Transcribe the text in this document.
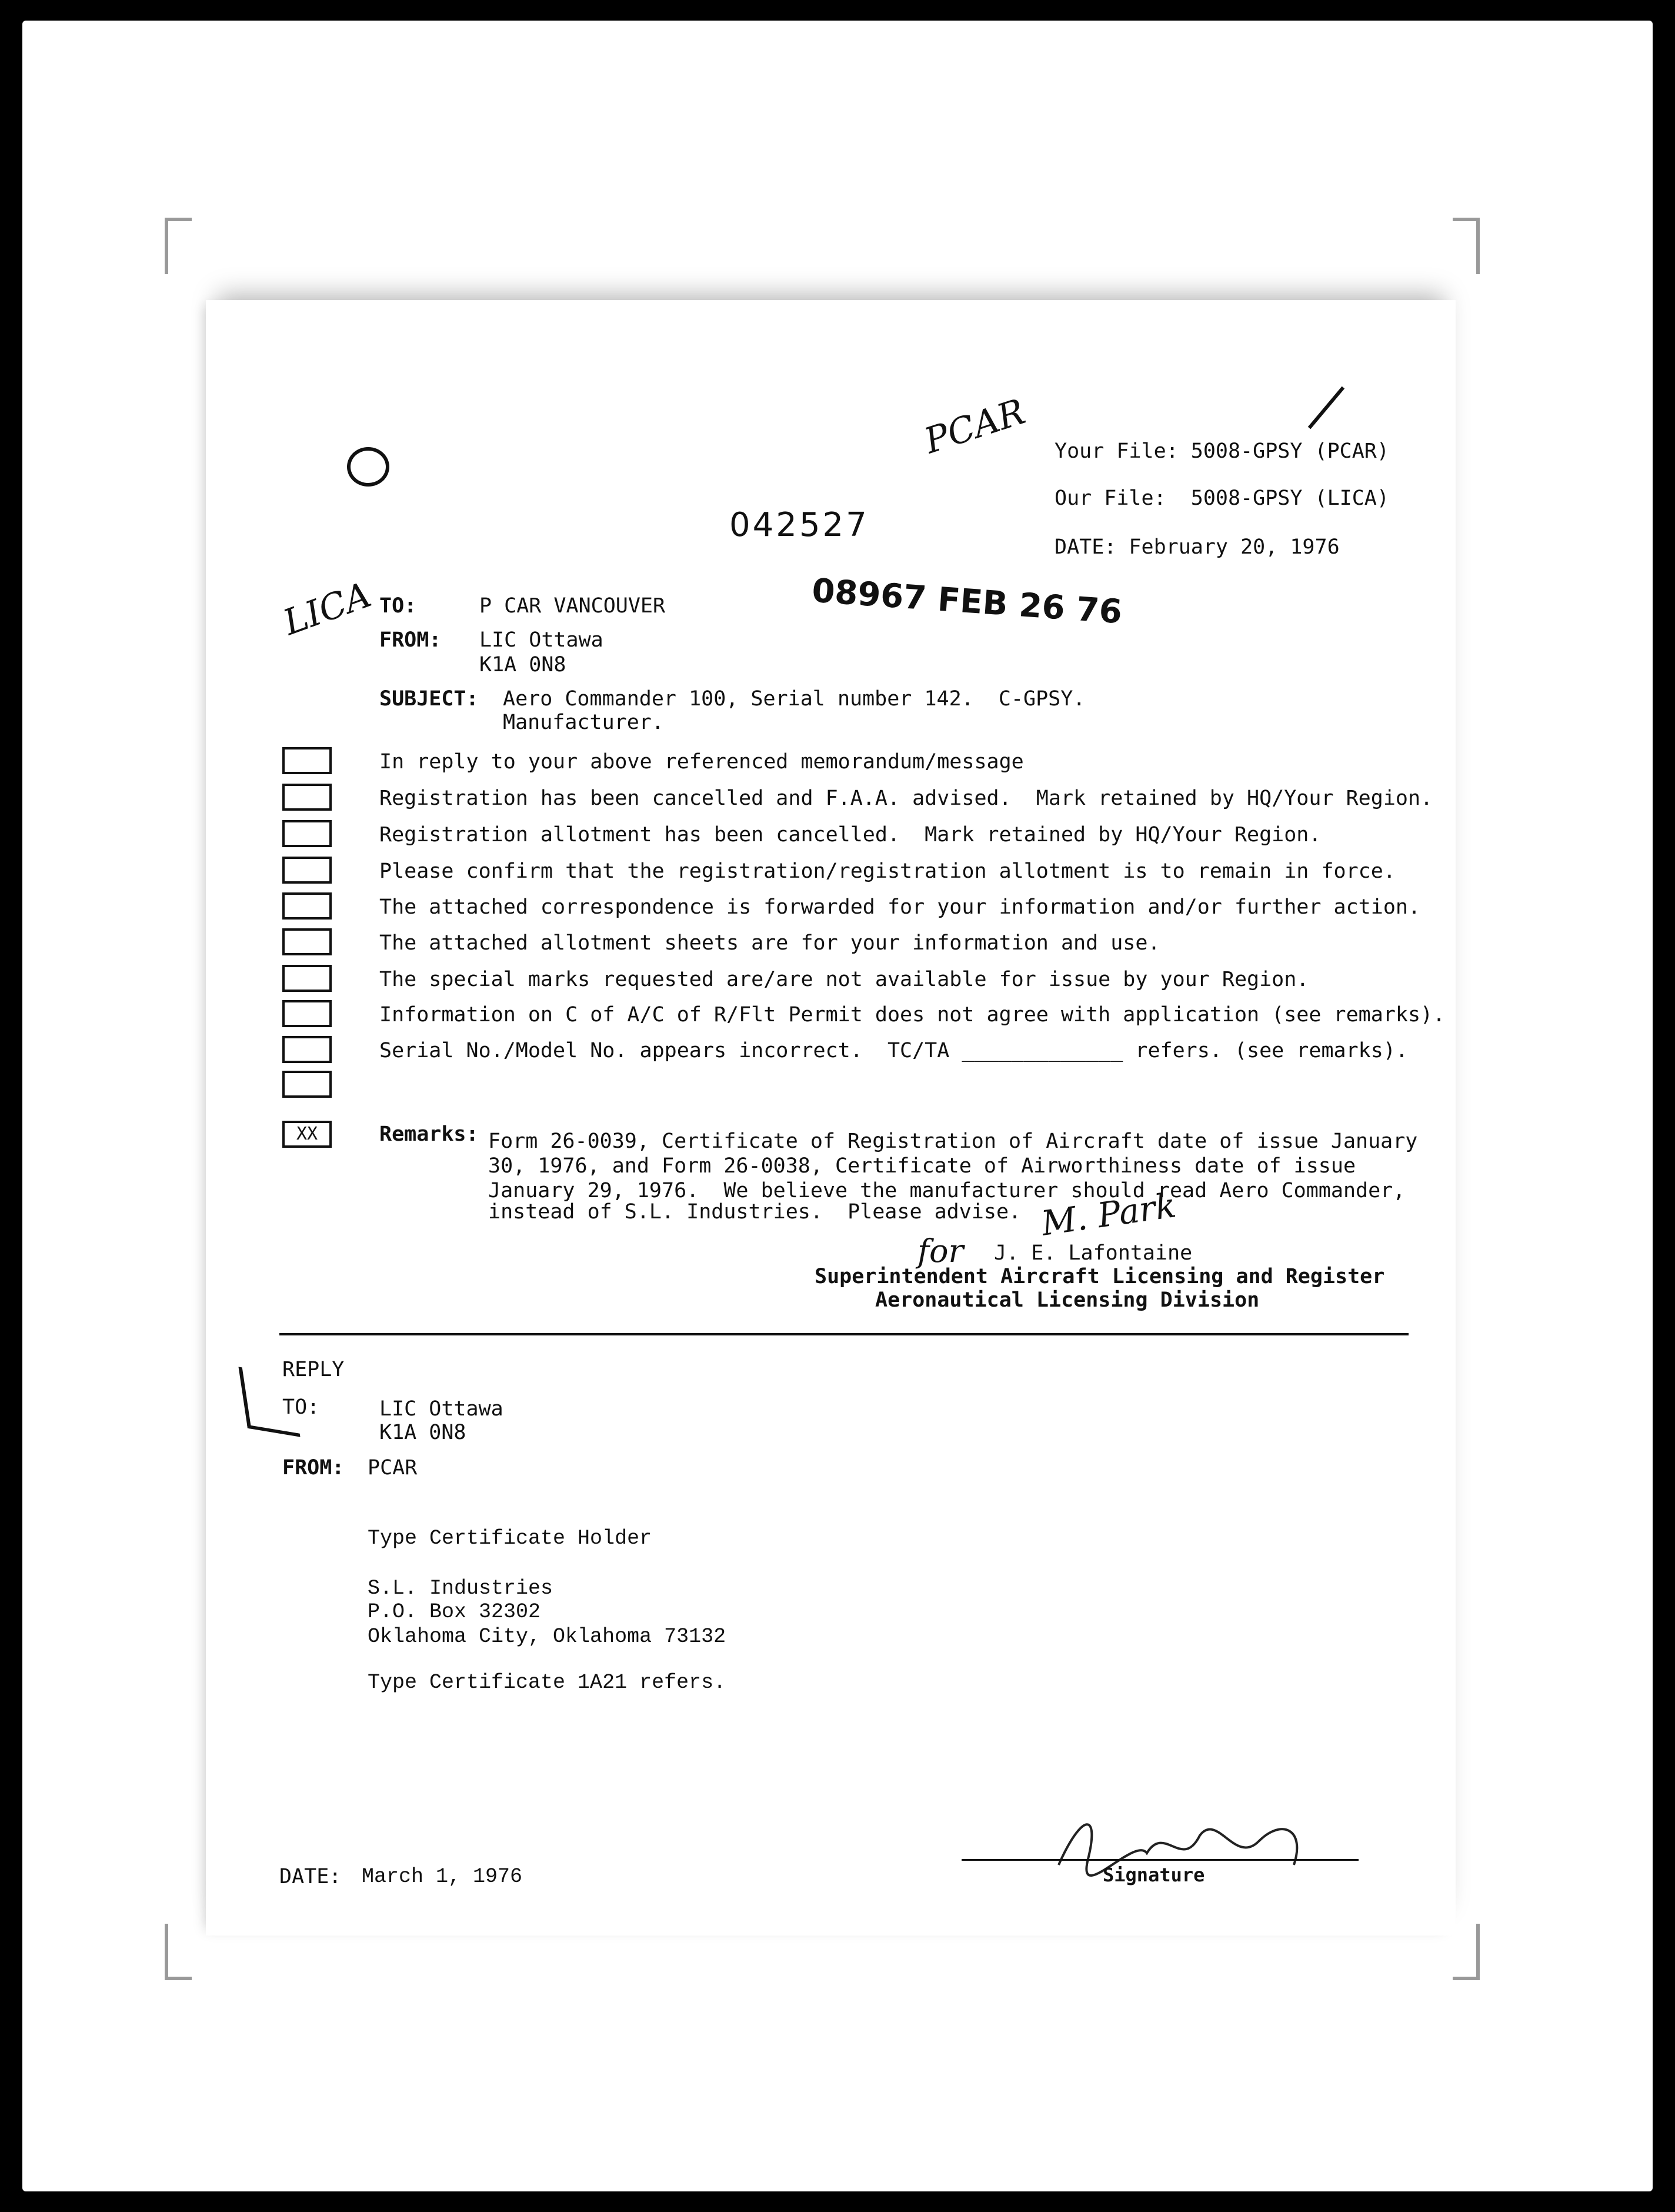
PCAR
LICA
042527
08967 FEB 26 76
Your File: 5008-GPSY (PCAR)
Our File:  5008-GPSY (LICA)
DATE: February 20, 1976
TO:	P CAR VANCOUVER
FROM: LIC Ottawa
K1A 0N8
SUBJECT: Aero Commander 100, Serial number 142.  C-GPSY.
Manufacturer.
In reply to your above referenced memorandum/message
Registration has been cancelled and F.A.A. advised.  Mark retained by HQ/Your Region.
Registration allotment has been cancelled.  Mark retained by HQ/Your Region.
Please confirm that the registration/registration allotment is to remain in force.
The attached correspondence is forwarded for your information and/or further action.
The attached allotment sheets are for your information and use.
The special marks requested are/are not available for issue by your Region.
Information on C of A/C of R/Flt Permit does not agree with application (see remarks).
Serial No./Model No. appears incorrect.  TC/TA _____________ refers. (see remarks).
XX	Remarks: Form 26-0039, Certificate of Registration of Aircraft date of issue January
30, 1976, and Form 26-0038, Certificate of Airworthiness date of issue
January 29, 1976.  We believe the manufacturer should read Aero Commander,
instead of S.L. Industries.  Please advise. M. Park
for J. E. Lafontaine
Superintendent Aircraft Licensing and Register
Aeronautical Licensing Division
REPLY
TO:	LIC Ottawa
K1A 0N8
FROM: PCAR
Type Certificate Holder
S.L. Industries
P.O. Box 32302
Oklahoma City, Oklahoma 73132
Type Certificate 1A21 refers.
DATE: March 1, 1976	Signature
